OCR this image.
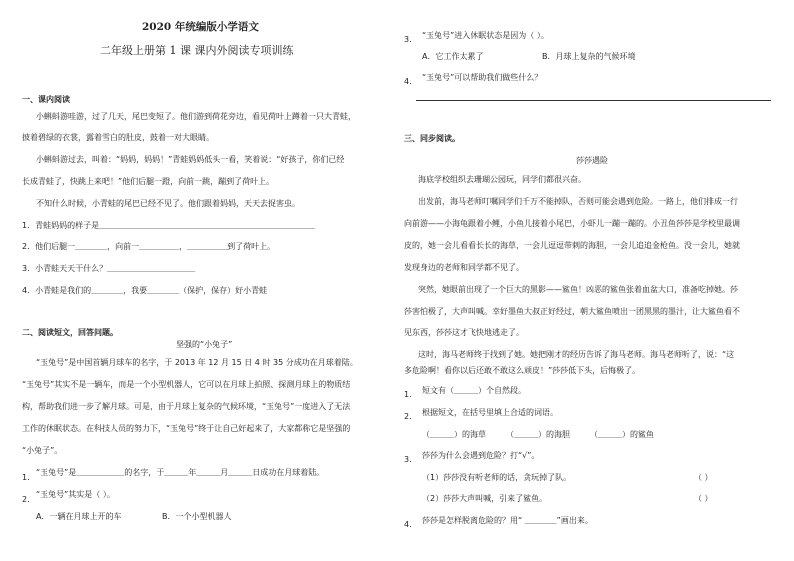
2020 年统编版小学语文
二年级上册第 1 课 课内外阅读专项训练
一、课内阅读
小蝌蚪游哇游，过了几天，尾巴变短了。他们游到荷花旁边，看见荷叶上蹲着一只大青蛙，
披着碧绿的衣裳，露着雪白的肚皮，鼓着一对大眼睛。
小蝌蚪游过去，叫着：“妈妈，妈妈！”青蛙妈妈低头一看，笑着说：“好孩子，你们已经
长成青蛙了，快跳上来吧！”他们后腿一蹬，向前一跳，蹦到了荷叶上。
不知什么时候，小青蛙的尾巴已经不见了。他们跟着妈妈，天天去捉害虫。
1．青蛙妈妈的样子是＿＿＿＿＿＿＿＿＿＿＿＿＿＿＿＿＿＿＿＿＿＿＿＿＿＿＿
2．他们后腿一＿＿＿＿，向前一＿＿＿＿＿，＿＿＿＿＿到了荷叶上。
3．小青蛙天天干什么？＿＿＿＿＿＿＿＿＿＿＿
4．小青蛙是我们的＿＿＿＿，我要＿＿＿＿（保护，保存）好小青蛙
二、阅读短文，回答问题。
坚强的“小兔子”
“玉兔号”是中国首辆月球车的名字，于 2013 年 12 月 15 日 4 时 35 分成功在月球着陆。
“玉兔号”其实不是一辆车，而是一个小型机器人，它可以在月球上拍照、探测月球上的物质结
构，帮助我们进一步了解月球。可是，由于月球上复杂的气候环境，“玉兔号”一度进入了无法
工作的休眠状态。在科技人员的努力下，“玉兔号”终于让自己好起来了，大家都称它是坚强的
“小兔子”。
1.
“玉兔号”是＿＿＿＿＿＿的名字，于＿＿＿年＿＿＿月＿＿＿日成功在月球着陆。
2.
“玉兔号”其实是（ ）。
A．一辆在月球上开的车	B．一个小型机器人
3. “玉兔号”进入休眠状态是因为（ ）。
A．它工作太累了	B．月球上复杂的气候环境
4. “玉兔号”可以帮助我们做些什么？
三、同步阅读。
莎莎遇险
海底学校组织去珊瑚公园玩，同学们都很兴奋。
出发前，海马老师叮嘱同学们千万不能掉队，否则可能会遇到危险。一路上，他们排成一行
向前游——小海龟跟着小鲤，小鱼儿接着小尾巴，小虾儿一蹦一蹦的。小丑鱼莎莎是学校里最调
皮的，她一会儿看看长长的海草，一会儿逗逗带刺的海胆，一会儿追追金枪鱼。没一会儿，她就
发现身边的老师和同学都不见了。
突然，她眼前出现了一个巨大的黑影——鲨鱼！凶恶的鲨鱼张着血盆大口，准备吃掉她。莎
莎害怕极了，大声叫喊。幸好墨鱼大叔正好经过，朝大鲨鱼喷出一团黑黑的墨汁，让大鲨鱼看不
见东西，莎莎这才飞快地逃走了。
这时，海马老师终于找到了她。她把刚才的经历告诉了海马老师。海马老师听了，说：“这
多危险啊！看你以后还敢不敢这么顽皮！”莎莎低下头，后悔极了。
1. 短文有（＿＿＿）个自然段。
2. 根据短文，在括号里填上合适的词语。
（＿＿＿）的海草	（＿＿＿）的海胆	（＿＿＿）的鲨鱼
3. 莎莎为什么会遇到危险？打“√”。
（1）莎莎没有听老师的话，贪玩掉了队。	（ ）
（2）莎莎大声叫喊，引来了鲨鱼。	（ ）
4. 莎莎是怎样脱离危险的？用“ ＿＿＿＿”画出来。
